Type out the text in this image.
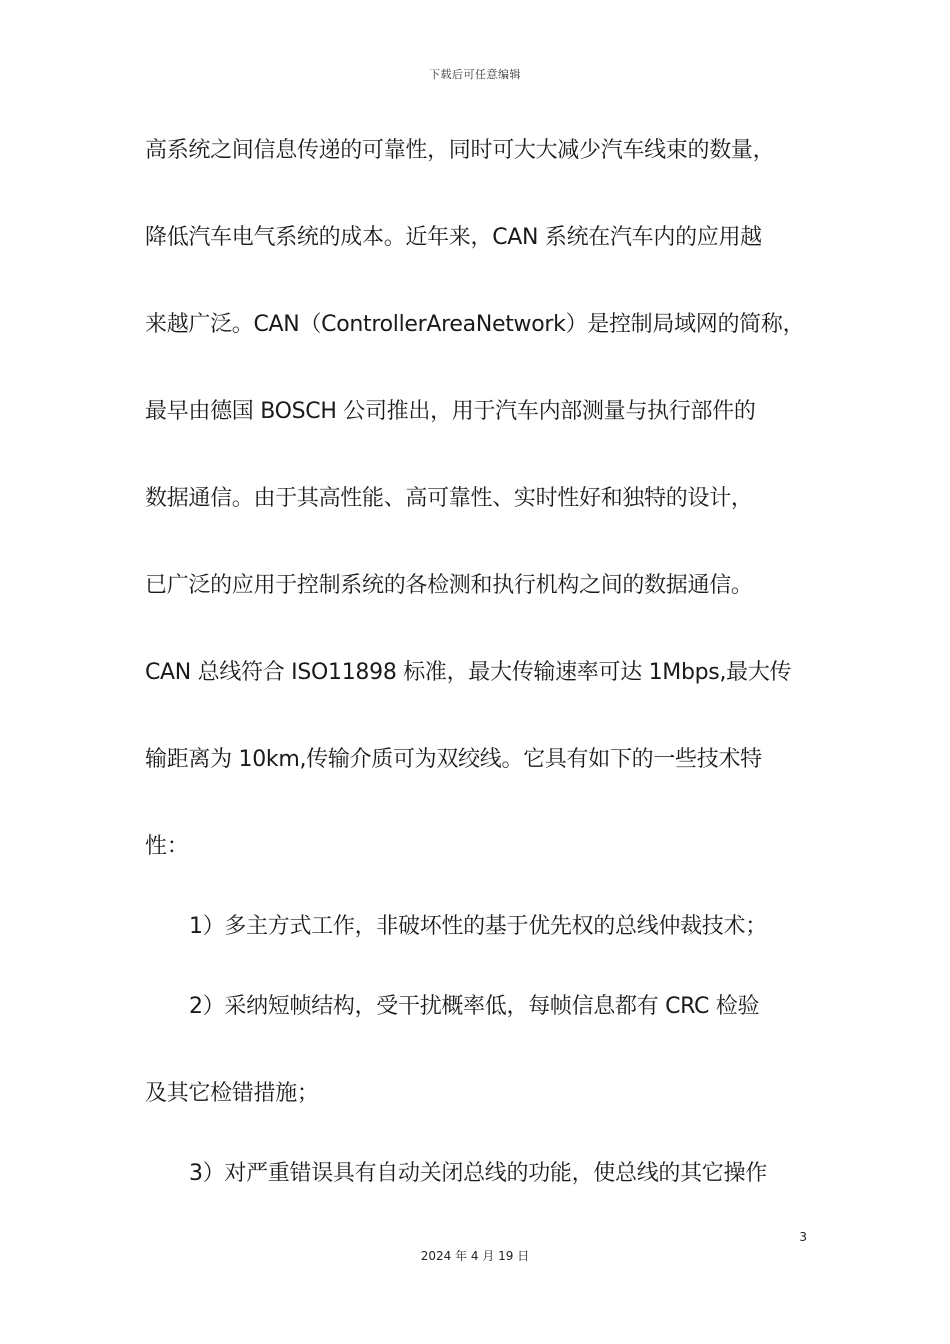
下载后可任意编辑
高系统之间信息传递的可靠性，同时可大大减少汽车线束的数量，
降低汽车电气系统的成本。近年来，CAN 系统在汽车内的应用越
来越广泛。CAN（ControllerAreaNetwork）是控制局域网的简称，
最早由德国 BOSCH 公司推出，用于汽车内部测量与执行部件的
数据通信。由于其高性能、高可靠性、实时性好和独特的设计，
已广泛的应用于控制系统的各检测和执行机构之间的数据通信。
CAN 总线符合 ISO11898 标准，最大传输速率可达 1Mbps,最大传
输距离为 10km,传输介质可为双绞线。它具有如下的一些技术特
性：
1）多主方式工作，非破坏性的基于优先权的总线仲裁技术；
2）采纳短帧结构，受干扰概率低，每帧信息都有 CRC 检验
及其它检错措施；
3）对严重错误具有自动关闭总线的功能，使总线的其它操作
3
2024 年 4 月 19 日
